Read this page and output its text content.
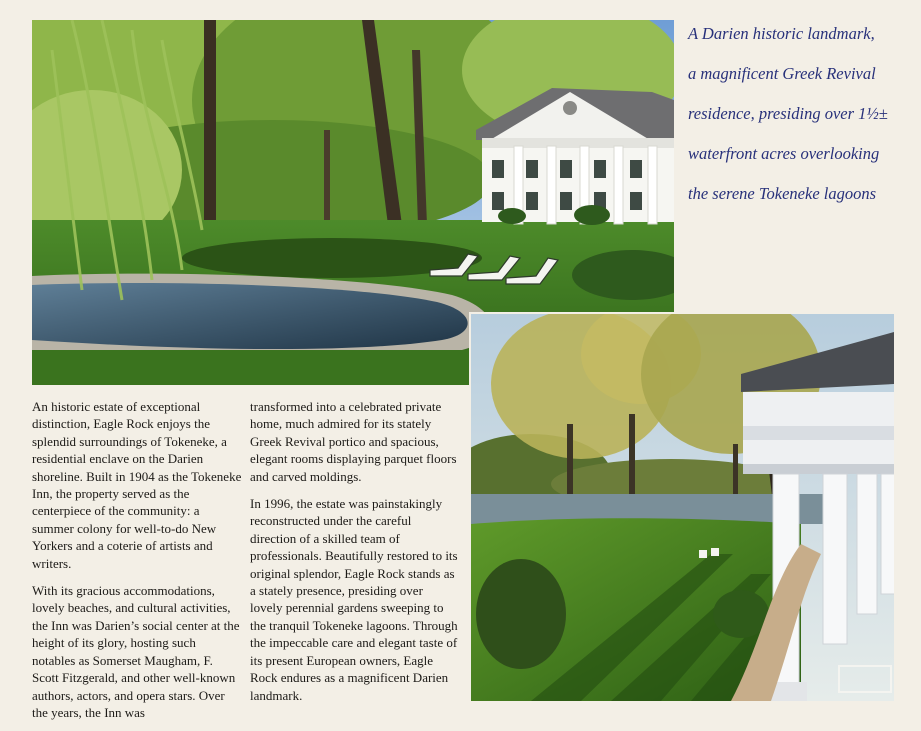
A Darien historic landmark,

a magnificent Greek Revival

residence, presiding over 1½±

waterfront acres overlooking

the serene Tokeneke lagoons

An historic estate of exceptional distinction, Eagle Rock enjoys the splendid surroundings of Tokeneke, a residential enclave on the Darien shoreline. Built in 1904 as the Tokeneke Inn, the property served as the centerpiece of the community: a summer colony for well-to-do New Yorkers and a coterie of artists and writers.

With its gracious accommodations, lovely beaches, and cultural activities, the Inn was Darien’s social center at the height of its glory, hosting such notables as Somerset Maugham, F. Scott Fitzgerald, and other well-known authors, actors, and opera stars. Over the years, the Inn was

transformed into a celebrated private home, much admired for its stately Greek Revival portico and spacious, elegant rooms displaying parquet floors and carved moldings.

In 1996, the estate was painstakingly reconstructed under the careful direction of a skilled team of professionals. Beautifully restored to its original splendor, Eagle Rock stands as a stately presence, presiding over lovely perennial gardens sweeping to the tranquil Tokeneke lagoons. Through the impeccable care and elegant taste of its present European owners, Eagle Rock endures as a magnificent Darien landmark.
